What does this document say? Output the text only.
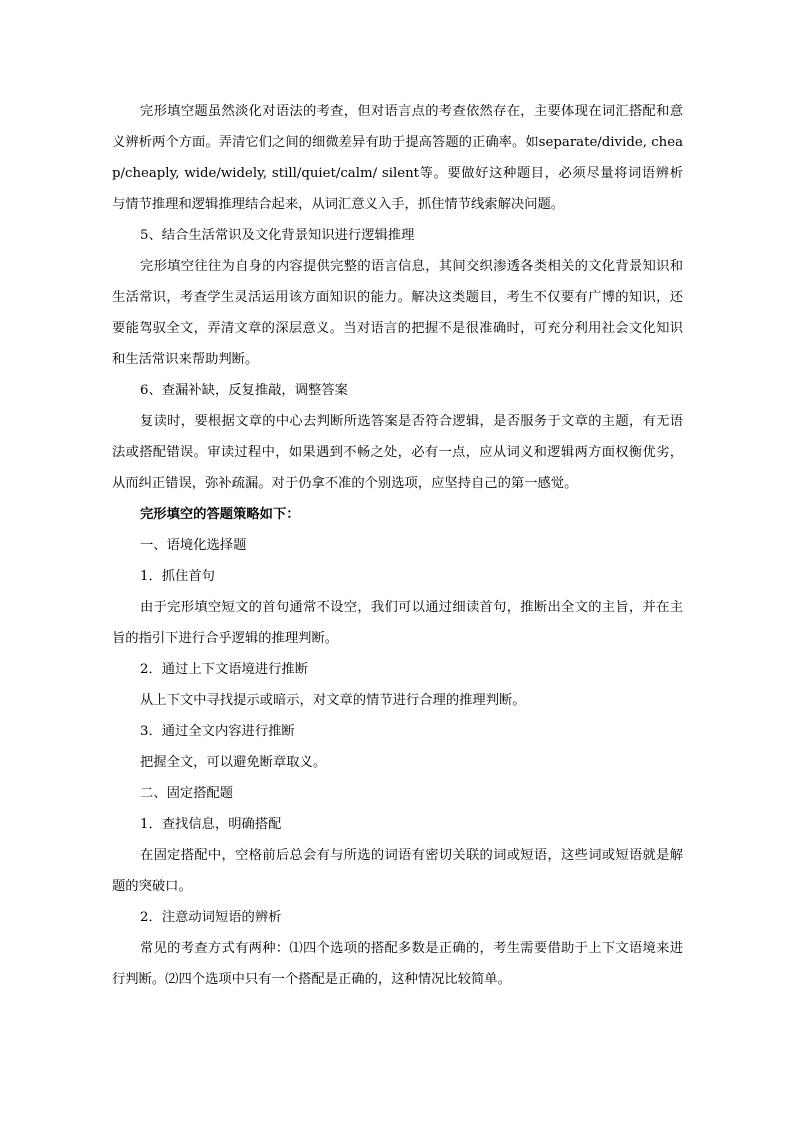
完形填空题虽然淡化对语法的考查，但对语言点的考查依然存在，主要体现在词汇搭配和意义辨析两个方面。弄清它们之间的细微差异有助于提高答题的正确率。如separate/divide, cheap/cheaply, wide/widely, still/quiet/calm/ silent等。要做好这种题目，必须尽量将词语辨析与情节推理和逻辑推理结合起来，从词汇意义入手，抓住情节线索解决问题。

5、结合生活常识及文化背景知识进行逻辑推理

完形填空往往为自身的内容提供完整的语言信息，其间交织渗透各类相关的文化背景知识和生活常识，考查学生灵活运用该方面知识的能力。解决这类题目，考生不仅要有广博的知识，还要能驾驭全文，弄清文章的深层意义。当对语言的把握不是很准确时，可充分利用社会文化知识和生活常识来帮助判断。

6、查漏补缺，反复推敲，调整答案

复读时，要根据文章的中心去判断所选答案是否符合逻辑，是否服务于文章的主题，有无语法或搭配错误。审读过程中，如果遇到不畅之处，必有一点，应从词义和逻辑两方面权衡优劣，从而纠正错误，弥补疏漏。对于仍拿不准的个别选项，应坚持自己的第一感觉。

完形填空的答题策略如下：

一、语境化选择题

1．抓住首句

由于完形填空短文的首句通常不设空，我们可以通过细读首句，推断出全文的主旨，并在主旨的指引下进行合乎逻辑的推理判断。

2．通过上下文语境进行推断

从上下文中寻找提示或暗示，对文章的情节进行合理的推理判断。

3．通过全文内容进行推断

把握全文，可以避免断章取义。

二、固定搭配题

1．查找信息，明确搭配

在固定搭配中，空格前后总会有与所选的词语有密切关联的词或短语，这些词或短语就是解题的突破口。

2．注意动词短语的辨析

常见的考查方式有两种：⑴四个选项的搭配多数是正确的，考生需要借助于上下文语境来进行判断。⑵四个选项中只有一个搭配是正确的，这种情况比较简单。
